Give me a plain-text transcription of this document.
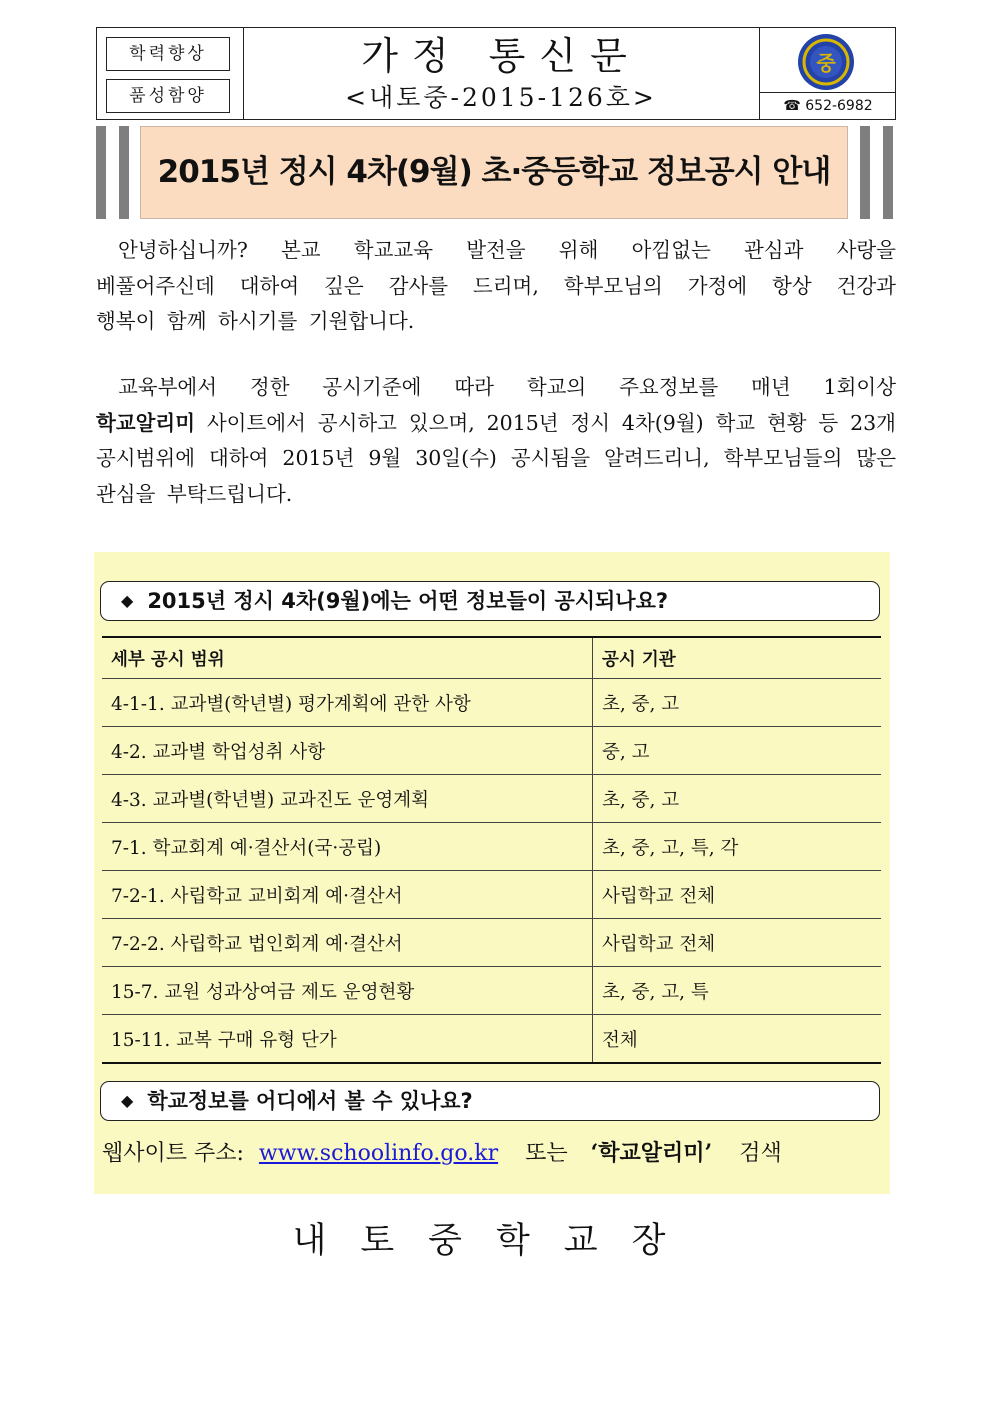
학력향상
품성함양
가정 통신문
<내토중-2015-126호>
중
☎ 652-6982
2015년 정시 4차(9월) 초·중등학교 정보공시 안내

안녕하십니까? 본교 학교교육 발전을 위해 아낌없는 관심과 사랑을
베풀어주신데 대하여 깊은 감사를 드리며, 학부모님의 가정에 항상 건강과
행복이 함께 하시기를 기원합니다.

교육부에서 정한 공시기준에 따라 학교의 주요정보를 매년 1회이상
학교알리미 사이트에서 공시하고 있으며, 2015년 정시 4차(9월) 학교 현황 등 23개
공시범위에 대하여 2015년 9월 30일(수) 공시됨을 알려드리니, 학부모님들의 많은
관심을 부탁드립니다.

◆ 2015년 정시 4차(9월)에는 어떤 정보들이 공시되나요?
세부 공시 범위	공시 기관
4-1-1. 교과별(학년별) 평가계획에 관한 사항	초, 중, 고
4-2. 교과별 학업성취 사항	중, 고
4-3. 교과별(학년별) 교과진도 운영계획	초, 중, 고
7-1. 학교회계 예·결산서(국·공립)	초, 중, 고, 특, 각
7-2-1. 사립학교 교비회계 예·결산서	사립학교 전체
7-2-2. 사립학교 법인회계 예·결산서	사립학교 전체
15-7. 교원 성과상여금 제도 운영현황	초, 중, 고, 특
15-11. 교복 구매 유형 단가	전체
◆ 학교정보를 어디에서 볼 수 있나요?
웹사이트 주소: www.schoolinfo.go.kr 또는 ‘학교알리미’ 검색
내토중학교장
